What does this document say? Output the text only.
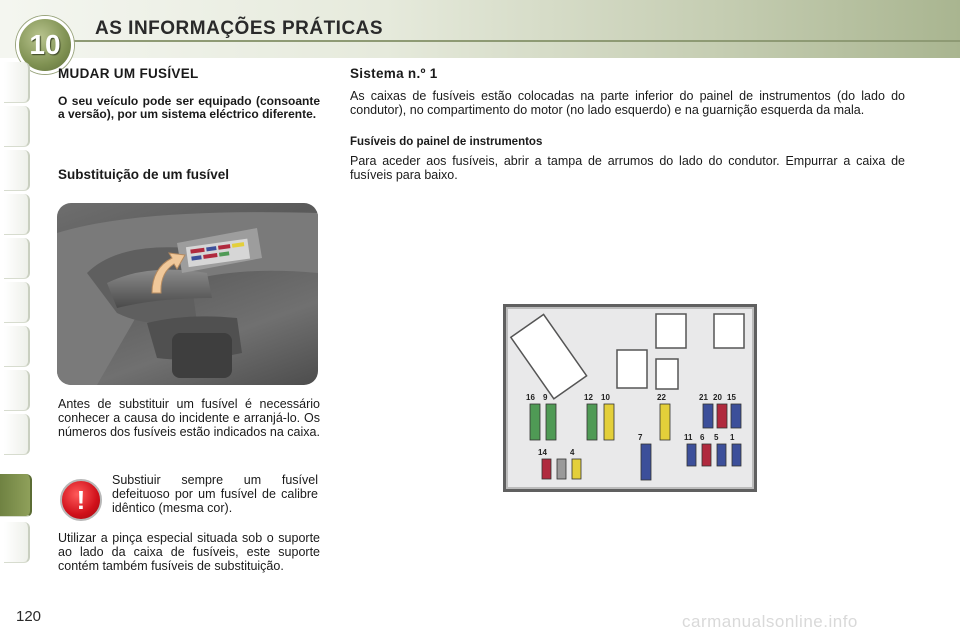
10
AS INFORMAÇÕES PRÁTICAS
MUDAR UM FUSÍVEL

O seu veículo pode ser equipado (consoante a versão), por um sistema eléctrico diferente.

Substituição de um fusível
Antes de substituir um fusível é necessário conhecer a causa do incidente e arranjá-lo. Os números dos fusíveis estão indicados na caixa.
!
Substiuir sempre um fusível defeituoso por um fusível de calibre idêntico (mesma cor).
Utilizar a pinça especial situada sob o suporte ao lado da caixa de fusíveis, este suporte contém também fusíveis de substituição.
Sistema n.º 1

As caixas de fusíveis estão colocadas na parte inferior do painel de instrumentos (do lado do condutor), no compartimento do motor (no lado esquerdo) e na guarnição esquerda da mala.

Fusíveis do painel de instrumentos

Para aceder aos fusíveis, abrir a tampa de arrumos do lado do condutor. Empurrar a caixa de fusíveis para baixo.

16 9	12 10	22	21 20 15
14	4
7	11 6 5 1
120	carmanualsonline.info
